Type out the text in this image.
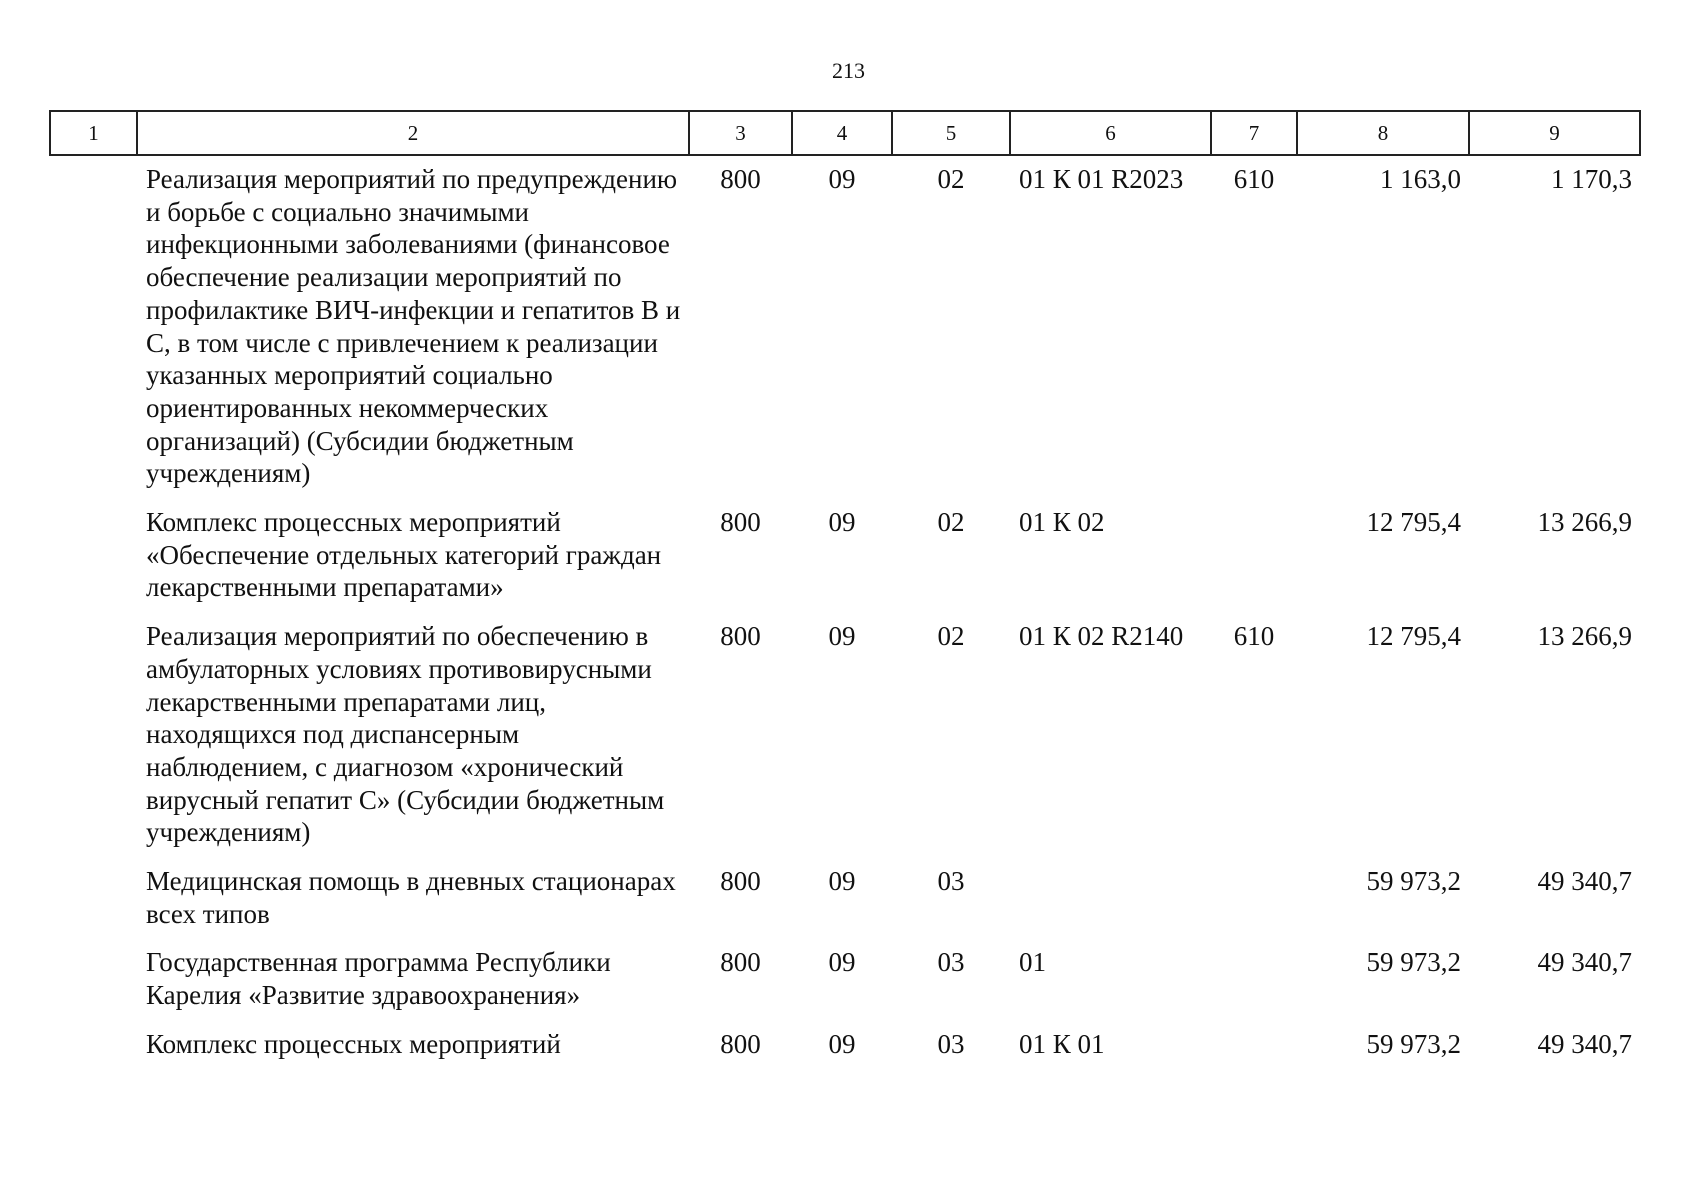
213
1	2	3	4	5	6	7	8	9
	Реализация мероприятий по предупреждению и борьбе с социально значимыми инфекционными заболеваниями (финансовое обеспечение реализации мероприятий по профилактике ВИЧ-инфекции и гепатитов В и С, в том числе с привлечением к реализации указанных мероприятий социально ориентированных некоммерческих организаций) (Субсидии бюджетным учреждениям)	800	09	02	01 К 01 R2023	610	1 163,0	1 170,3
	Комплекс процессных мероприятий «Обеспечение отдельных категорий граждан лекарственными препаратами»	800	09	02	01 К 02		12 795,4	13 266,9
	Реализация мероприятий по обеспечению в амбулаторных условиях противовирусными лекарственными препаратами лиц, находящихся под диспансерным наблюдением, с диагнозом «хронический вирусный гепатит С» (Субсидии бюджетным учреждениям)	800	09	02	01 К 02 R2140	610	12 795,4	13 266,9
	Медицинская помощь в дневных стационарах всех типов	800	09	03			59 973,2	49 340,7
	Государственная программа Республики Карелия «Развитие здравоохранения»	800	09	03	01		59 973,2	49 340,7
	Комплекс процессных мероприятий	800	09	03	01 К 01		59 973,2	49 340,7
